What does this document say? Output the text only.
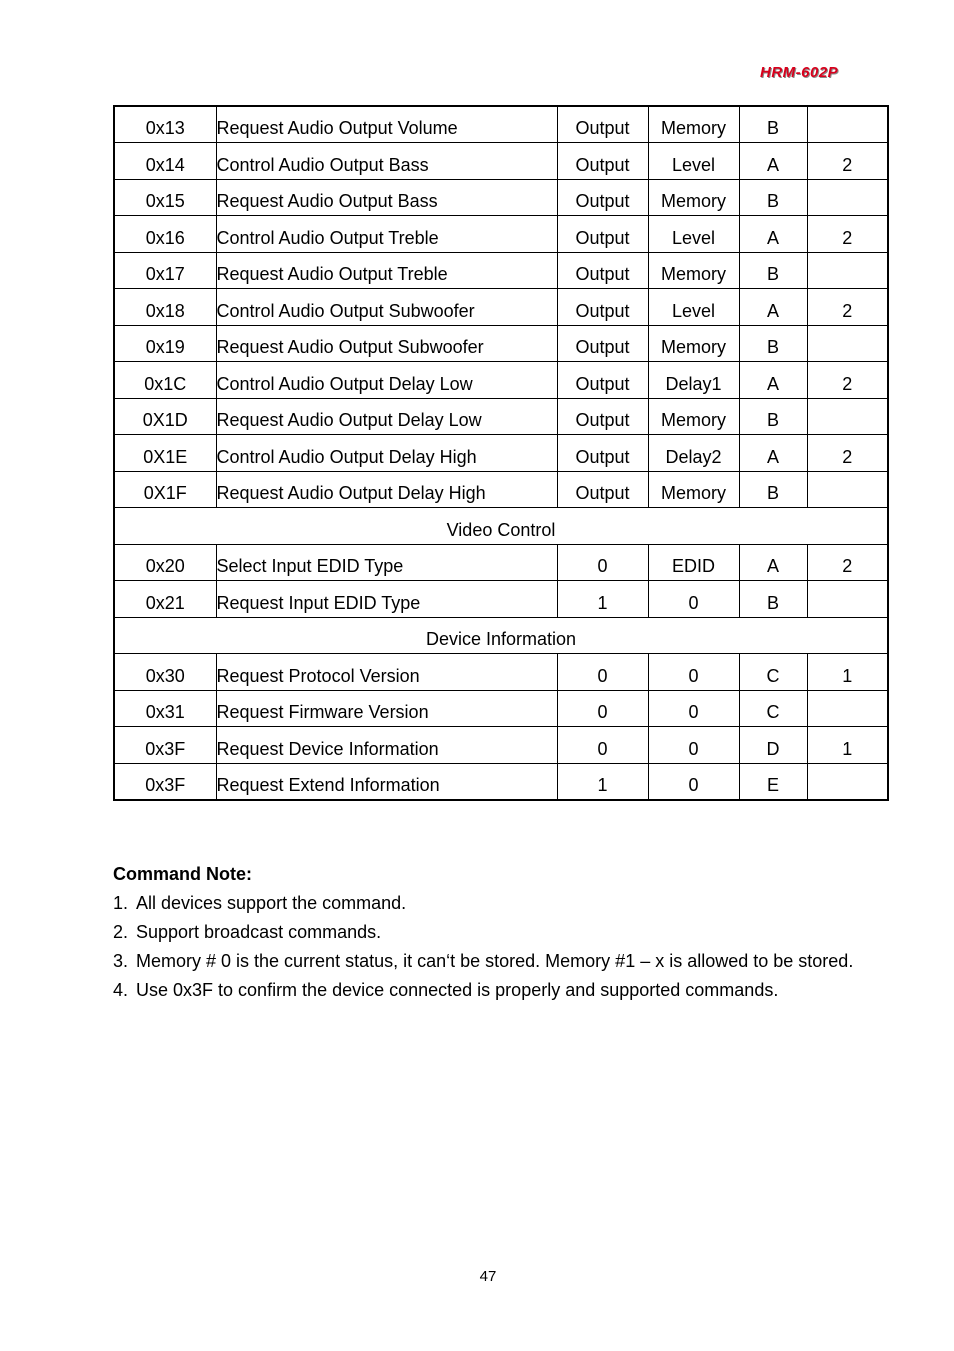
HRM-602P
0x13	Request Audio Output Volume	Output	Memory	B	
0x14	Control Audio Output Bass	Output	Level	A	2
0x15	Request Audio Output Bass	Output	Memory	B	
0x16	Control Audio Output Treble	Output	Level	A	2
0x17	Request Audio Output Treble	Output	Memory	B	
0x18	Control Audio Output Subwoofer	Output	Level	A	2
0x19	Request Audio Output Subwoofer	Output	Memory	B	
0x1C	Control Audio Output Delay Low	Output	Delay1	A	2
0X1D	Request Audio Output Delay Low	Output	Memory	B	
0X1E	Control Audio Output Delay High	Output	Delay2	A	2
0X1F	Request Audio Output Delay High	Output	Memory	B	
Video Control					
0x20	Select Input EDID Type	0	EDID	A	2
0x21	Request Input EDID Type	1	0	B	
Device Information					
0x30	Request Protocol Version	0	0	C	1
0x31	Request Firmware Version	0	0	C	
0x3F	Request Device Information	0	0	D	1
0x3F	Request Extend Information	1	0	E	
Command Note:
1. All devices support the command.
2. Support broadcast commands.
3. Memory # 0 is the current status, it can‘t be stored. Memory #1 – x is allowed to be stored.
4. Use 0x3F to confirm the device connected is properly and supported commands.
47
